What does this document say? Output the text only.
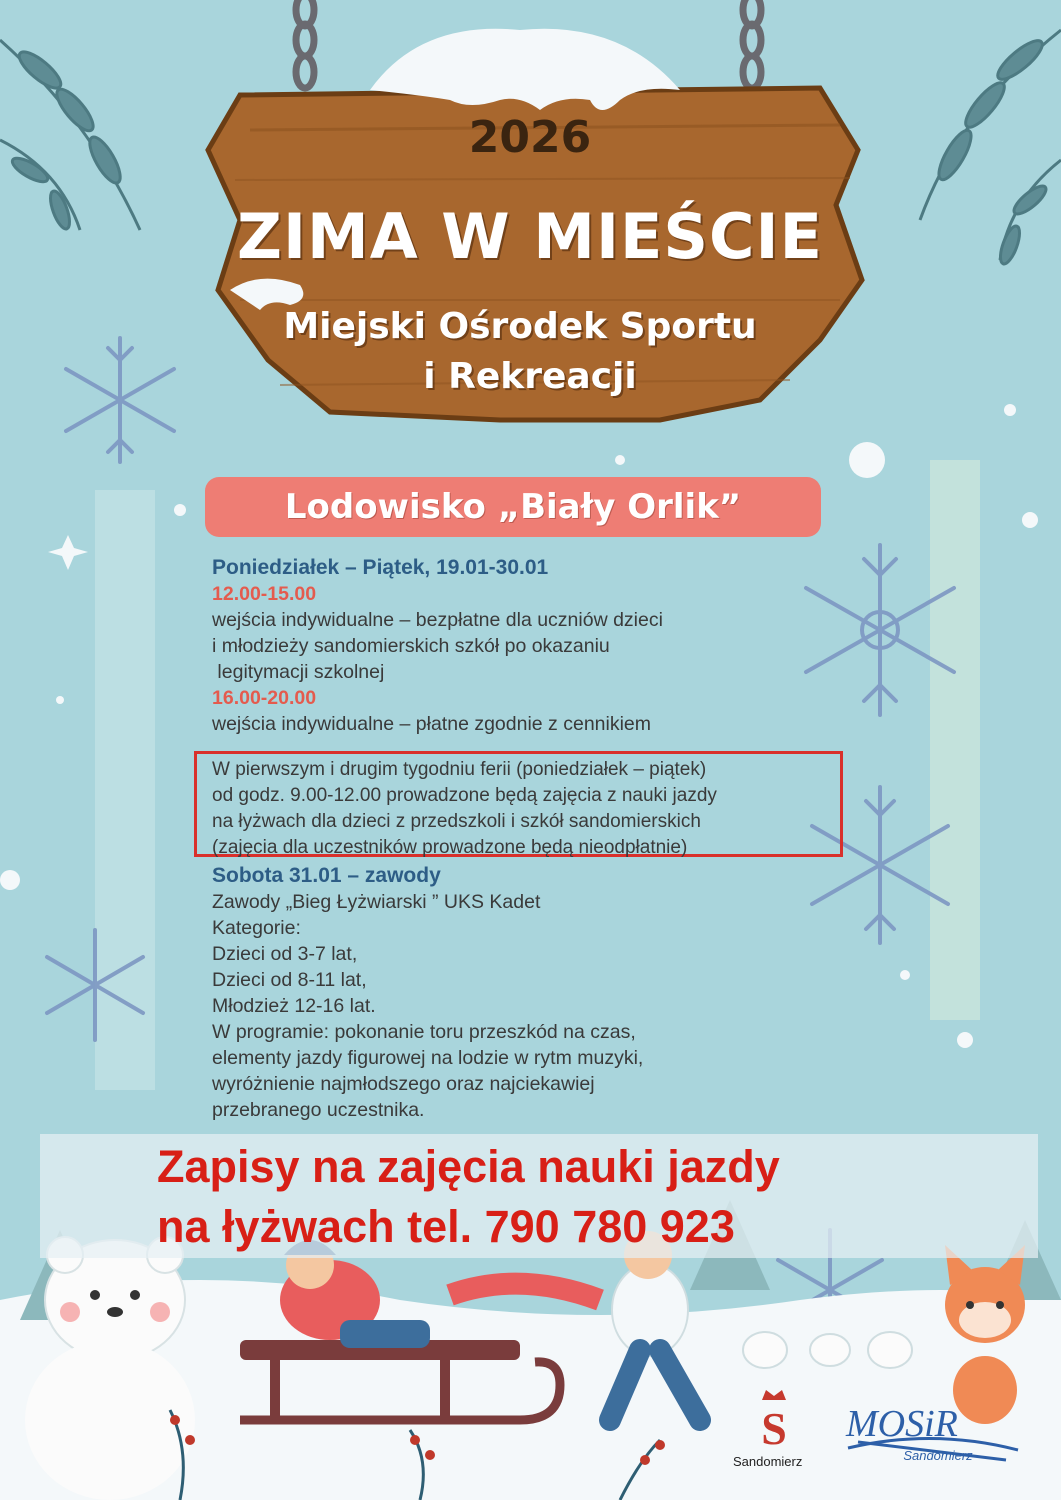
2026
ZIMA W MIEŚCIE
Miejski Ośrodek Sportu
i Rekreacji
Lodowisko „Biały Orlik”
Poniedziałek – Piątek, 19.01-30.01
12.00-15.00
wejścia indywidualne – bezpłatne dla uczniów dzieci
i młodzieży sandomierskich szkół po okazaniu
legitymacji szkolnej
16.00-20.00
wejścia indywidualne – płatne zgodnie z cennikiem
W pierwszym i drugim tygodniu ferii (poniedziałek – piątek)
od godz. 9.00-12.00 prowadzone będą zajęcia z nauki jazdy
na łyżwach dla dzieci z przedszkoli i szkół sandomierskich
(zajęcia dla uczestników prowadzone będą nieodpłatnie)
Sobota 31.01 – zawody
Zawody „Bieg Łyżwiarski ” UKS Kadet
Kategorie:
Dzieci od 3-7 lat,
Dzieci od 8-11 lat,
Młodzież 12-16 lat.
W programie: pokonanie toru przeszkód na czas,
elementy jazdy figurowej na lodzie w rytm muzyki,
wyróżnienie najmłodszego oraz najciekawiej
przebranego uczestnika.
Zapisy na zajęcia nauki jazdy
na łyżwach tel. 790 780 923
S
Sandomierz
MOSiR
Sandomierz
